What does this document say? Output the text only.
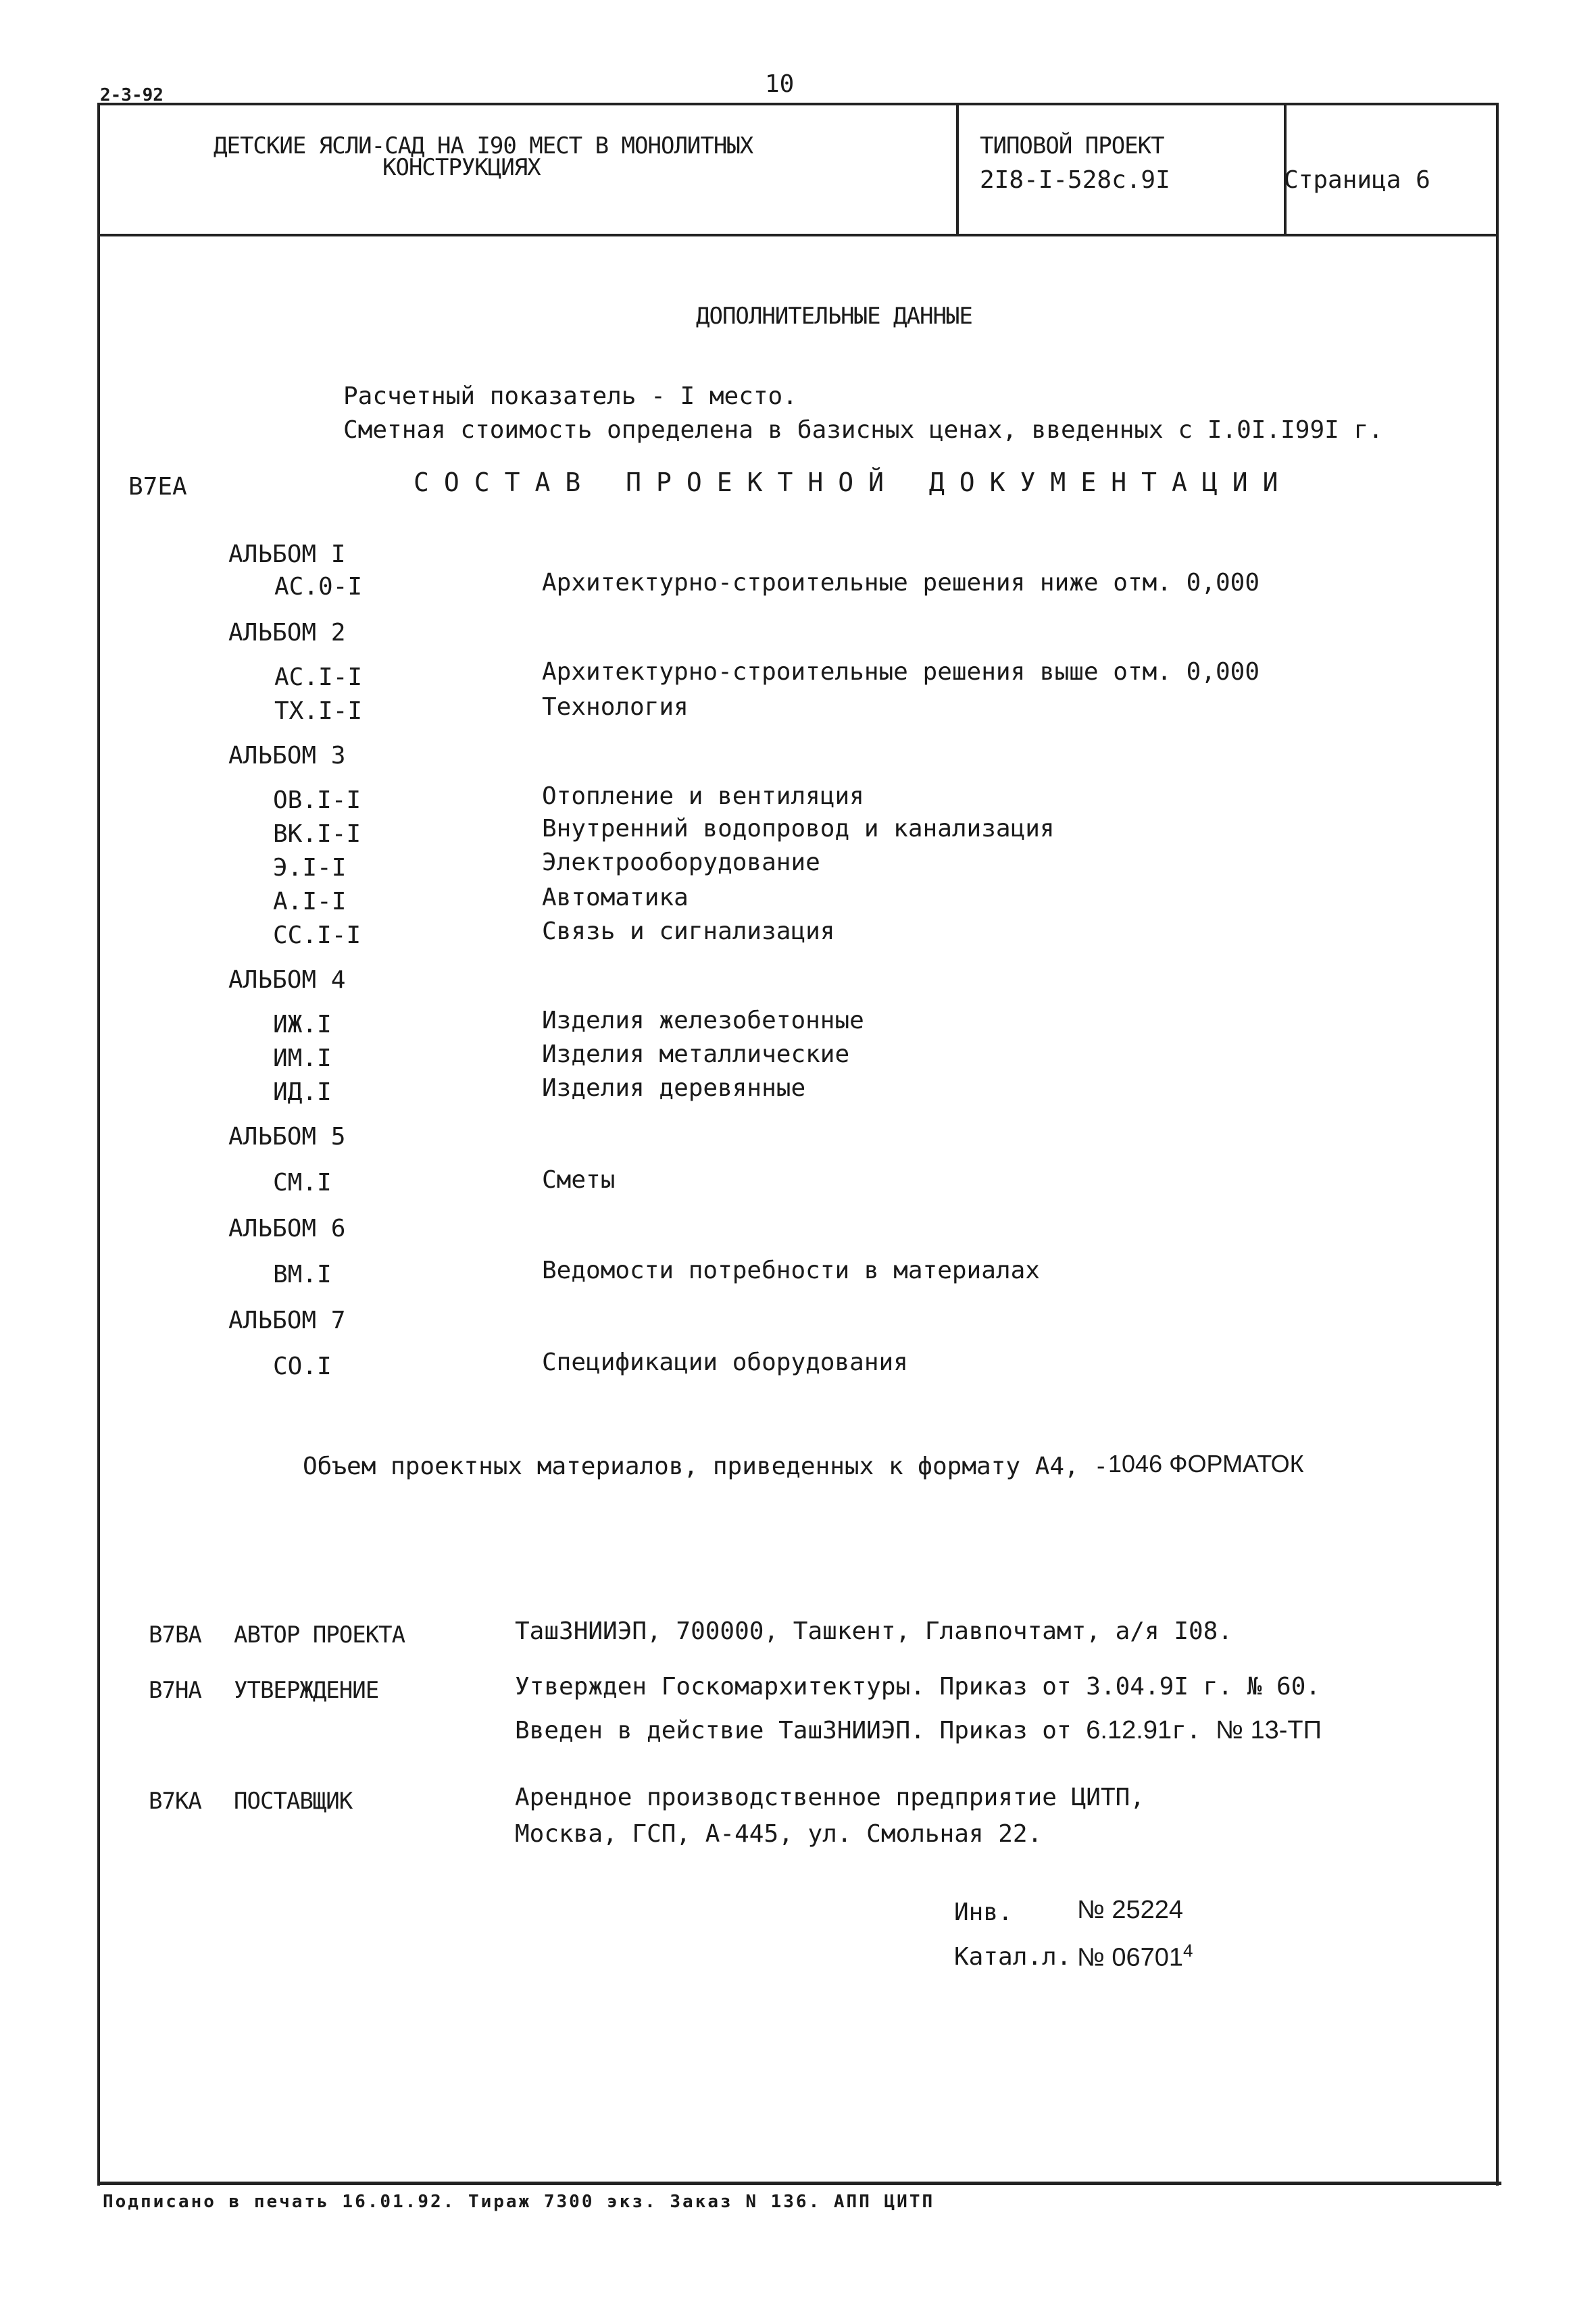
2-3-92	10
ДЕТСКИЕ ЯСЛИ-САД НА I90 МЕСТ В МОНОЛИТНЫХ
КОНСТРУКЦИЯХ
ТИПОВОЙ ПРОЕКТ
2I8-I-528с.9I	Страница 6
ДОПОЛНИТЕЛЬНЫЕ ДАННЫЕ
Расчетный показатель - I место.
Сметная стоимость определена в базисных ценах, введенных с I.0I.I99I г.
В7ЕА	СОСТАВ ПРОЕКТНОЙ ДОКУМЕНТАЦИИ
АЛЬБОМ I
АС.0-I	Архитектурно-строительные решения ниже отм. 0,000
АЛЬБОМ 2
АС.I-I	Архитектурно-строительные решения выше отм. 0,000
ТХ.I-I	Технология
АЛЬБОМ 3
ОВ.I-I	Отопление и вентиляция
ВК.I-I	Внутренний водопровод и канализация
Э.I-I	Электрооборудование
А.I-I	Автоматика
СС.I-I	Связь и сигнализация
АЛЬБОМ 4
ИЖ.I	Изделия железобетонные
ИМ.I	Изделия металлические
ИД.I	Изделия деревянные
АЛЬБОМ 5
СМ.I	Сметы
АЛЬБОМ 6
ВМ.I	Ведомости потребности в материалах
АЛЬБОМ 7
СО.I	Спецификации оборудования
Объем проектных материалов, приведенных к формату А4, - 1046 ФОРМАТОК
В7ВА АВТОР ПРОЕКТА	ТашЗНИИЭП, 700000, Ташкент, Главпочтамт, а/я I08.
В7НА УТВЕРЖДЕНИЕ	Утвержден Госкомархитектуры. Приказ от 3.04.9I г. № 60.
Введен в действие ТашЗНИИЭП. Приказ от 6.12.91г. № 13-ТП
В7КА ПОСТАВЩИК	Арендное производственное предприятие ЦИТП,
Москва, ГСП, А-445, ул. Смольная 22.
Инв.	№ 25224
Катал.л. № 06701$^4$
Подписано в печать 16.01.92. Тираж 7300 экз. Заказ N 136. АПП ЦИТП
